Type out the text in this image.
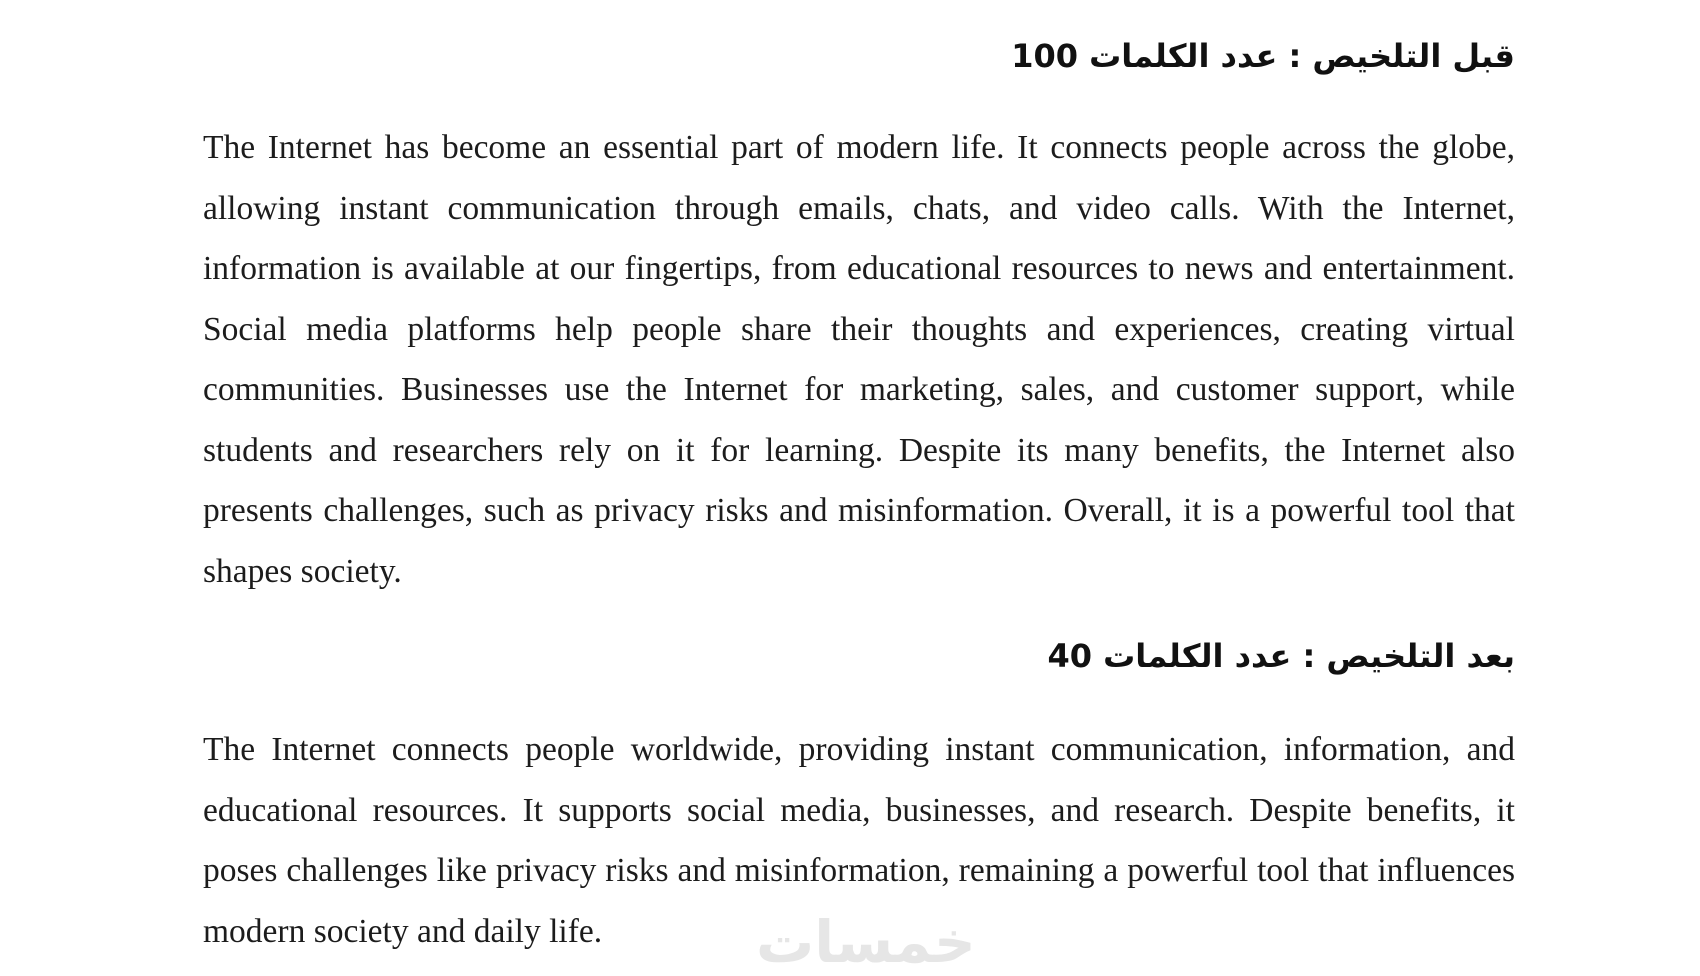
قبل التلخيص : عدد الكلمات 100

The Internet has become an essential part of modern life. It connects people across the globe, allowing instant communication through emails, chats, and video calls. With the Internet, information is available at our fingertips, from educational resources to news and entertainment. Social media platforms help people share their thoughts and experiences, creating virtual communities. Businesses use the Internet for marketing, sales, and customer support, while students and researchers rely on it for learning. Despite its many benefits, the Internet also presents challenges, such as privacy risks and misinformation. Overall, it is a powerful tool that shapes society.

بعد التلخيص : عدد الكلمات 40

The Internet connects people worldwide, providing instant communication, information, and educational resources. It supports social media, businesses, and research. Despite benefits, it poses challenges like privacy risks and misinformation, remaining a powerful tool that influences modern society and daily life.	خمسات
